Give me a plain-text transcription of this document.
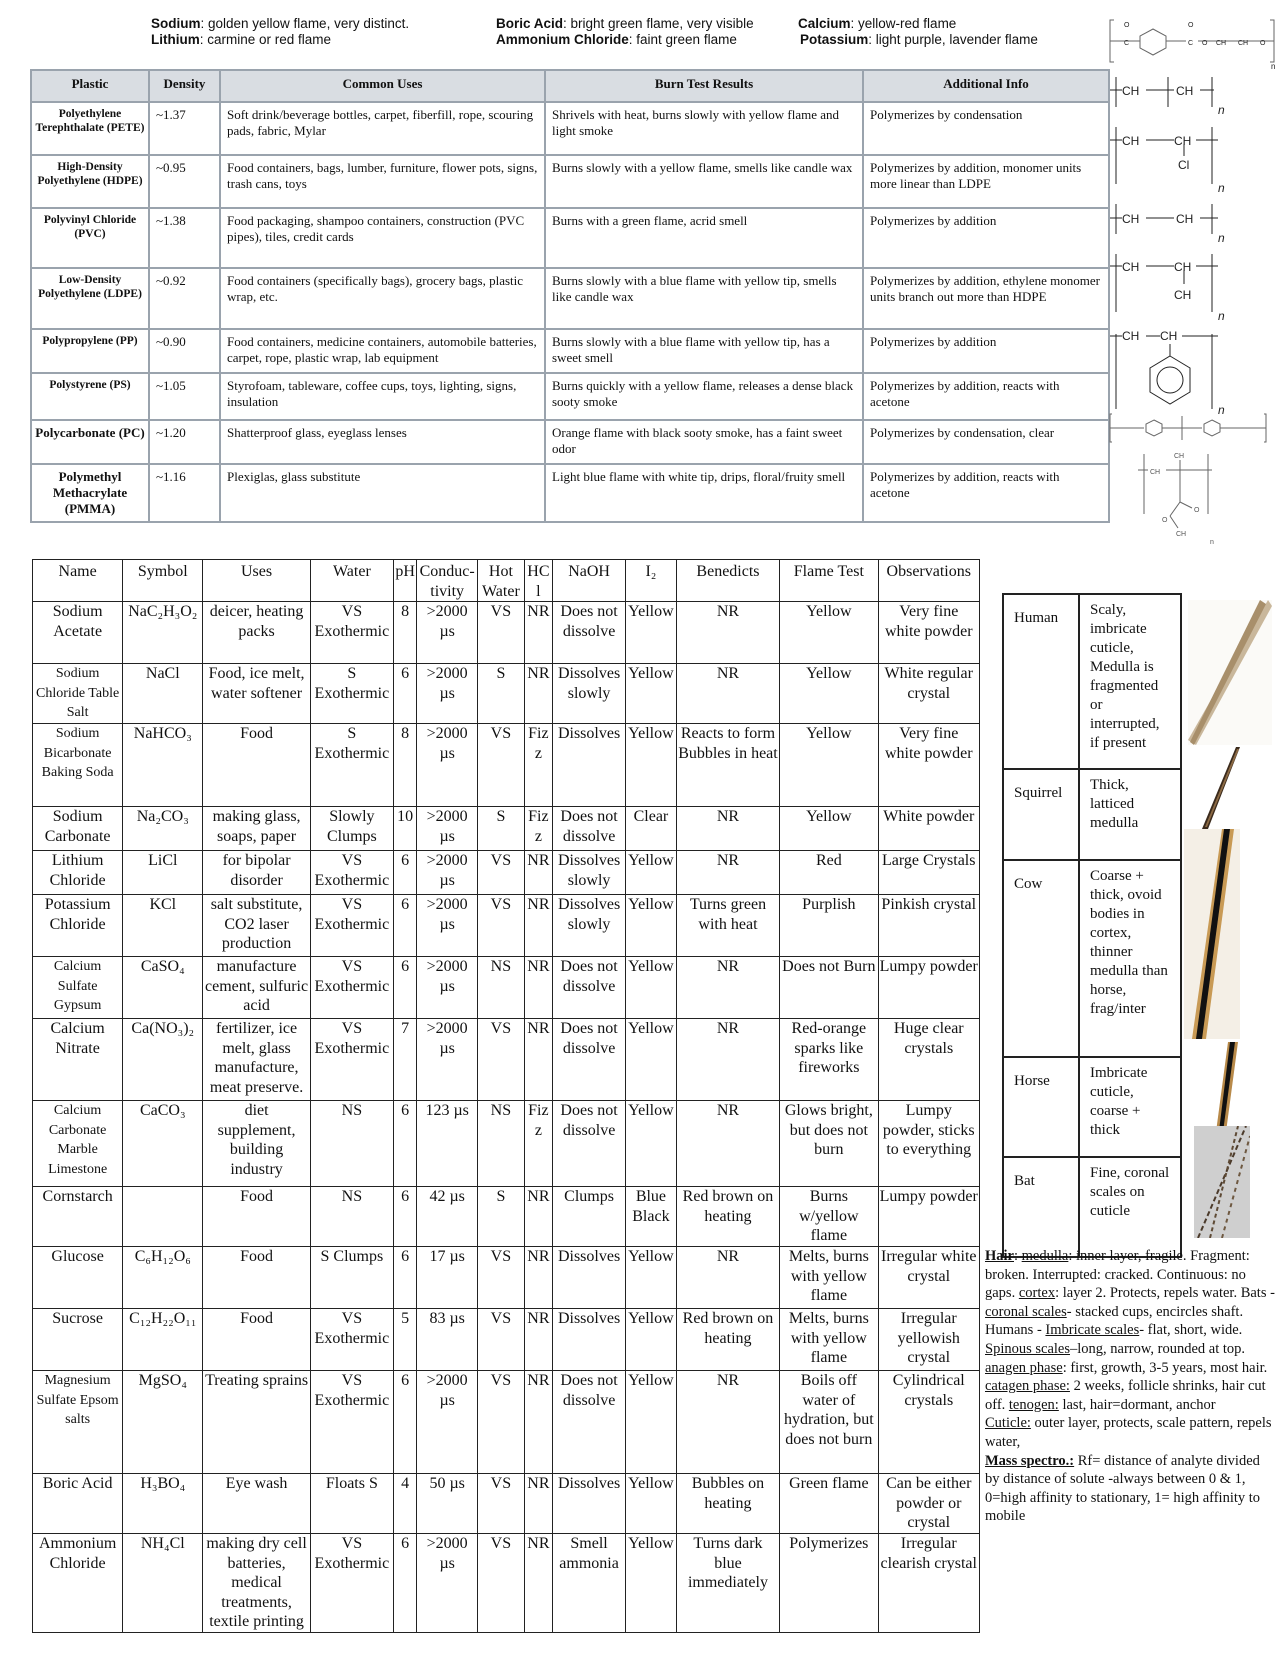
Sodium: golden yellow flame, very distinct.
Lithium: carmine or red flame
Boric Acid: bright green flame, very visible
Ammonium Chloride: faint green flame
Calcium: yellow-red flame
Potassium: light purple, lavender flame
Plastic	Density	Common Uses	Burn Test Results	Additional Info
Polyethylene Terephthalate (PETE)	~1.37	Soft drink/beverage bottles, carpet, fiberfill, rope, scouring pads, fabric, Mylar	Shrivels with heat, burns slowly with yellow flame and light smoke	Polymerizes by condensation
High-Density Polyethylene (HDPE)	~0.95	Food containers, bags, lumber, furniture, flower pots, signs, trash cans, toys	Burns slowly with a yellow flame, smells like candle wax	Polymerizes by addition, monomer units more linear than LDPE
Polyvinyl Chloride (PVC)	~1.38	Food packaging, shampoo containers, construction (PVC pipes), tiles, credit cards	Burns with a green flame, acrid smell	Polymerizes by addition
Low-Density Polyethylene (LDPE)	~0.92	Food containers (specifically bags), grocery bags, plastic wrap, etc.	Burns slowly with a blue flame with yellow tip, smells like candle wax	Polymerizes by addition, ethylene monomer units branch out more than HDPE
Polypropylene (PP)	~0.90	Food containers, medicine containers, automobile batteries, carpet, rope, plastic wrap, lab equipment	Burns slowly with a blue flame with yellow tip, has a sweet smell	Polymerizes by addition
Polystyrene (PS)	~1.05	Styrofoam, tableware, coffee cups, toys, lighting, signs, insulation	Burns quickly with a yellow flame, releases a dense black sooty smoke	Polymerizes by addition, reacts with acetone
Polycarbonate (PC)	~1.20	Shatterproof glass, eyeglass lenses	Orange flame with black sooty smoke, has a faint sweet odor	Polymerizes by condensation, clear
Polymethyl Methacrylate (PMMA)	~1.16	Plexiglas, glass substitute	Light blue flame with white tip, drips, floral/fruity smell	Polymerizes by addition, reacts with acetone
C
O
C
O
O CH CH O
n
CH	CH
n
CH	CH
Cl
n
CH	CH
n
CH	CH
CH
n
CH CH
n
CH
CH
O
O
CH
n
Name	Symbol	Uses	Water	pH	Conduc-tivity	Hot Water	HCl	NaOH	I₂	Benedicts	Flame Test	Observations
Sodium Acetate	NaC₂H₃O₂	deicer, heating packs	VS Exothermic	8	>2000 µs	VS	NR	Does not dissolve	Yellow	NR	Yellow	Very fine white powder
Sodium Chloride Table Salt	NaCl	Food, ice melt, water softener	S Exothermic	6	>2000 µs	S	NR	Dissolves slowly	Yellow	NR	Yellow	White regular crystal
Sodium Bicarbonate Baking Soda	NaHCO₃	Food	S Exothermic	8	>2000 µs	VS	Fizz	Dissolves	Yellow	Reacts to form Bubbles in heat	Yellow	Very fine white powder
Sodium Carbonate	Na₂CO₃	making glass, soaps, paper	Slowly Clumps	10	>2000 µs	S	Fizz	Does not dissolve	Clear	NR	Yellow	White powder
Lithium Chloride	LiCl	for bipolar disorder	VS Exothermic	6	>2000 µs	VS	NR	Dissolves slowly	Yellow	NR	Red	Large Crystals
Potassium Chloride	KCl	salt substitute, CO2 laser production	VS Exothermic	6	>2000 µs	VS	NR	Dissolves slowly	Yellow	Turns green with heat	Purplish	Pinkish crystal
Calcium Sulfate Gypsum	CaSO₄	manufacture cement, sulfuric acid	VS Exothermic	6	>2000 µs	NS	NR	Does not dissolve	Yellow	NR	Does not Burn	Lumpy powder
Calcium Nitrate	Ca(NO₃)₂	fertilizer, ice melt, glass manufacture, meat preserve.	VS Exothermic	7	>2000 µs	VS	NR	Does not dissolve	Yellow	NR	Red-orange sparks like fireworks	Huge clear crystals
Calcium Carbonate Marble Limestone	CaCO₃	diet supplement, building industry	NS	6	123 µs	NS	Fizz	Does not dissolve	Yellow	NR	Glows bright, but does not burn	Lumpy powder, sticks to everything
Cornstarch		Food	NS	6	42 µs	S	NR	Clumps	Blue Black	Red brown on heating	Burns w/yellow flame	Lumpy powder
Glucose	C₆H₁₂O₆	Food	S Clumps	6	17 µs	VS	NR	Dissolves	Yellow	NR	Melts, burns with yellow flame	Irregular white crystal
Sucrose	C₁₂H₂₂O₁₁	Food	VS Exothermic	5	83 µs	VS	NR	Dissolves	Yellow	Red brown on heating	Melts, burns with yellow flame	Irregular yellowish crystal
Magnesium Sulfate Epsom salts	MgSO₄	Treating sprains	VS Exothermic	6	>2000 µs	VS	NR	Does not dissolve	Yellow	NR	Boils off water of hydration, but does not burn	Cylindrical crystals
Boric Acid	H₃BO₄	Eye wash	Floats S	4	50 µs	VS	NR	Dissolves	Yellow	Bubbles on heating	Green flame	Can be either powder or crystal
Ammonium Chloride	NH₄Cl	making dry cell batteries, medical treatments, textile printing	VS Exothermic	6	>2000 µs	VS	NR	Smell ammonia	Yellow	Turns dark blue immediately	Polymerizes	Irregular clearish crystal
Human	Scaly, imbricate cuticle, Medulla is fragmented or interrupted, if present
Squirrel	Thick, latticed medulla
Cow	Coarse + thick, ovoid bodies in cortex, thinner medulla than horse, frag/inter
Horse	Imbricate cuticle, coarse + thick
Bat	Fine, coronal scales on cuticle
Hair: medulla: inner layer, fragile. Fragment: broken. Interrupted: cracked. Continuous: no gaps. cortex: layer 2. Protects, repels water. Bats - coronal scales- stacked cups, encircles shaft. Humans - Imbricate scales- flat, short, wide. Spinous scales–long, narrow, rounded at top. anagen phase: first, growth, 3-5 years, most hair. catagen phase: 2 weeks, follicle shrinks, hair cut off. tenogen: last, hair=dormant, anchor
Cuticle: outer layer, protects, scale pattern, repels water,
Mass spectro.: Rf= distance of analyte divided by distance of solute -always between 0 & 1, 0=high affinity to stationary, 1= high affinity to mobile
